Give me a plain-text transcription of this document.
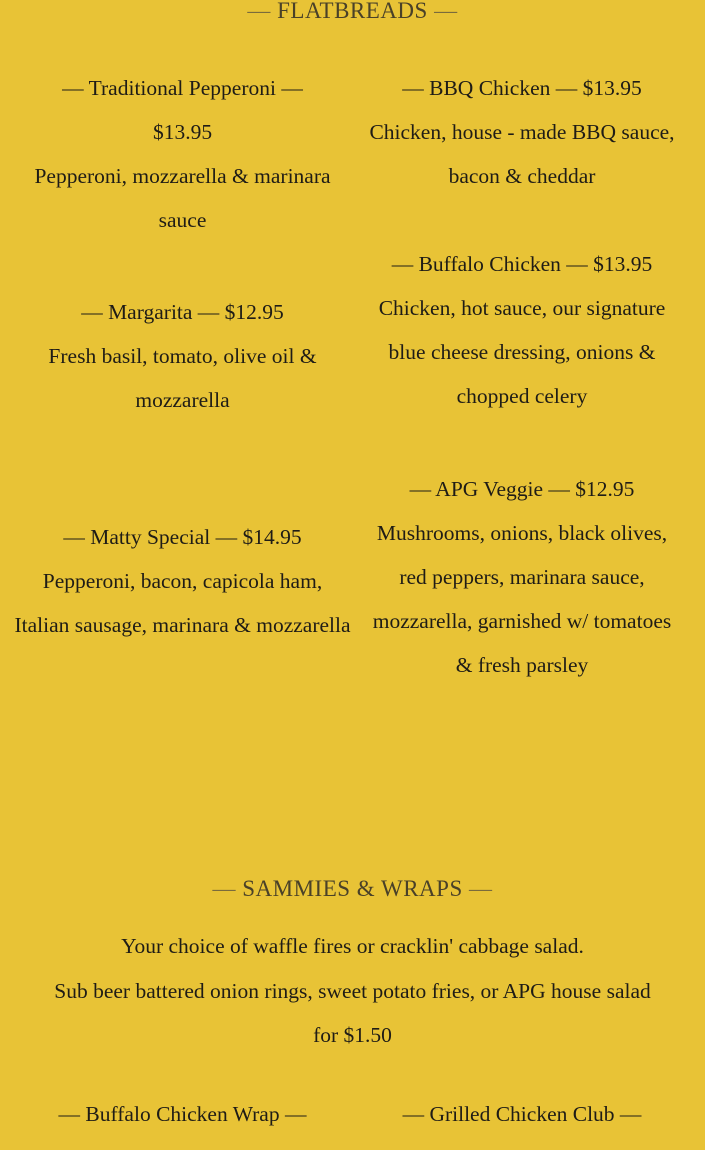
— FLATBREADS —
— Traditional Pepperoni —
$13.95
Pepperoni, mozzarella & marinara sauce
— BBQ Chicken — $13.95
Chicken, house - made BBQ sauce, bacon & cheddar
— Buffalo Chicken — $13.95
Chicken, hot sauce, our signature blue cheese dressing, onions & chopped celery
— Margarita — $12.95
Fresh basil, tomato, olive oil & mozzarella
— APG Veggie — $12.95
Mushrooms, onions, black olives, red peppers, marinara sauce, mozzarella, garnished w/ tomatoes & fresh parsley
— Matty Special — $14.95
Pepperoni, bacon, capicola ham, Italian sausage, marinara & mozzarella
— SAMMIES & WRAPS —
Your choice of waffle fires or cracklin' cabbage salad.
Sub beer battered onion rings, sweet potato fries, or APG house salad for $1.50
— Buffalo Chicken Wrap —	— Grilled Chicken Club —
